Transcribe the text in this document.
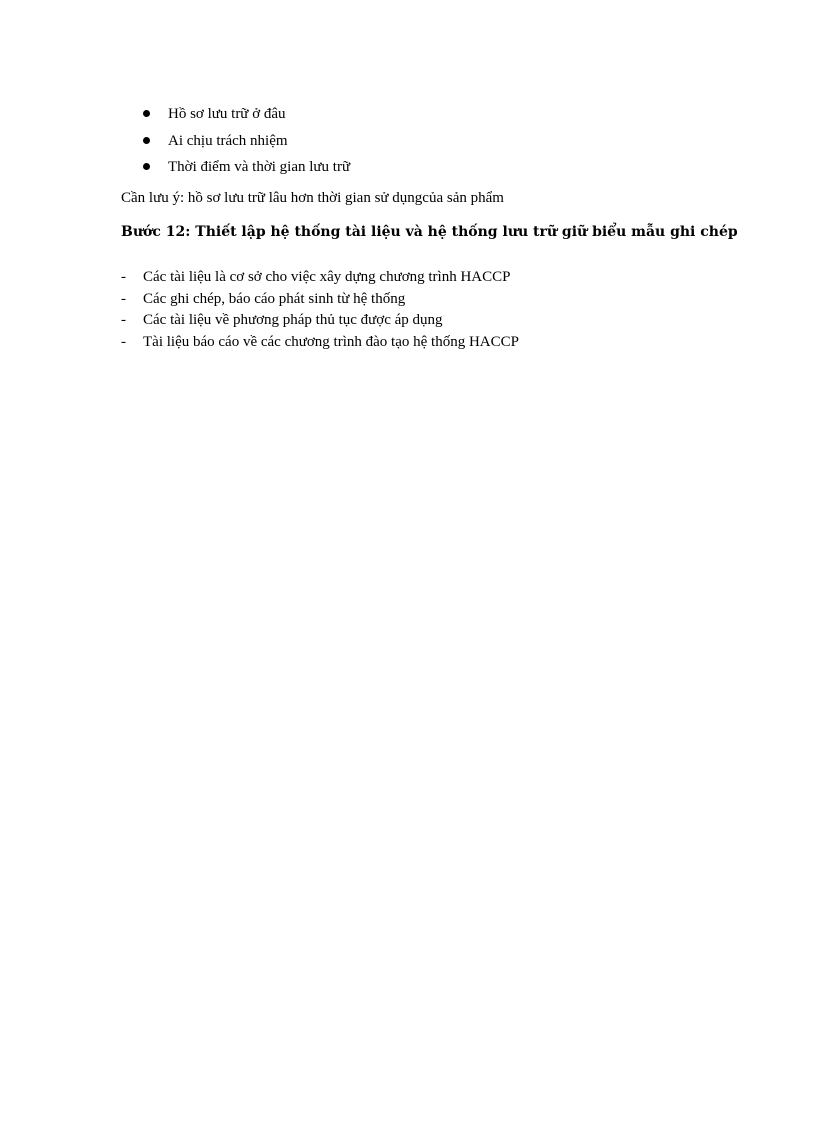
Hồ sơ lưu trữ ở đâu
Ai chịu trách nhiệm
Thời điểm và thời gian lưu trữ
Cần lưu ý: hồ sơ lưu trữ lâu hơn thời gian sử dụngcủa sản phẩm
Bước 12: Thiết lập hệ thống tài liệu và hệ thống lưu trữ giữ biểu mẫu ghi chép
- Các tài liệu là cơ sở cho việc xây dựng chương trình HACCP
- Các ghi chép, báo cáo phát sinh từ hệ thống
- Các tài liệu về phương pháp thủ tục được áp dụng
- Tài liệu báo cáo về các chương trình đào tạo hệ thống HACCP
